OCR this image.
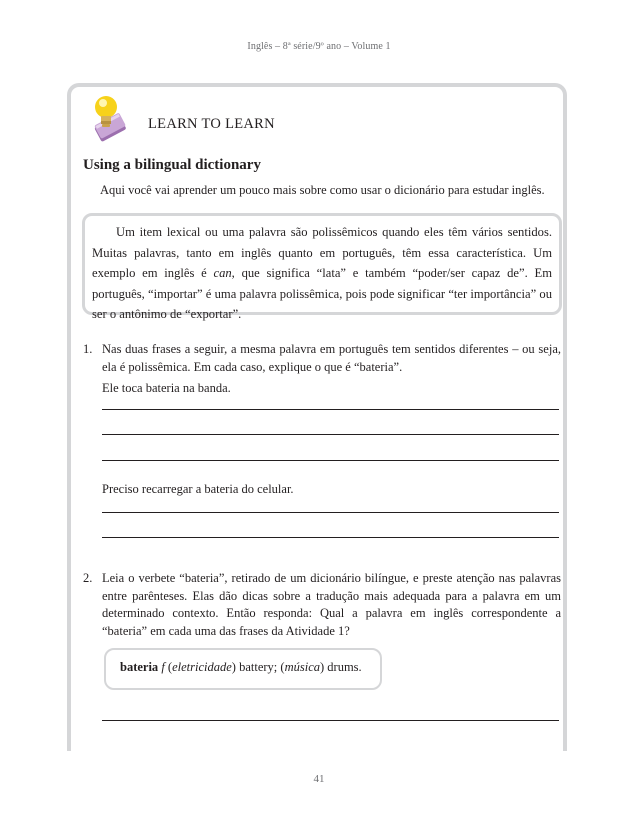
Inglês – 8ª série/9º ano – Volume 1
LEARN TO LEARN
Using a bilingual dictionary
Aqui você vai aprender um pouco mais sobre como usar o dicionário para estudar inglês.
Um item lexical ou uma palavra são polissêmicos quando eles têm vários sentidos. Muitas palavras, tanto em inglês quanto em português, têm essa característica. Um exemplo em inglês é can, que significa “lata” e também “poder/ser capaz de”. Em português, “importar” é uma palavra polissêmica, pois pode significar “ter importância” ou ser o antônimo de “exportar”.
1. Nas duas frases a seguir, a mesma palavra em português tem sentidos diferentes – ou seja, ela é polissêmica. Em cada caso, explique o que é “bateria”.
Ele toca bateria na banda.
Preciso recarregar a bateria do celular.
2. Leia o verbete “bateria”, retirado de um dicionário bilíngue, e preste atenção nas palavras entre parênteses. Elas dão dicas sobre a tradução mais adequada para a palavra em um determinado contexto. Então responda: Qual a palavra em inglês correspondente a “bateria” em cada uma das frases da Atividade 1?
bateria f (eletricidade) battery; (música) drums.
41
